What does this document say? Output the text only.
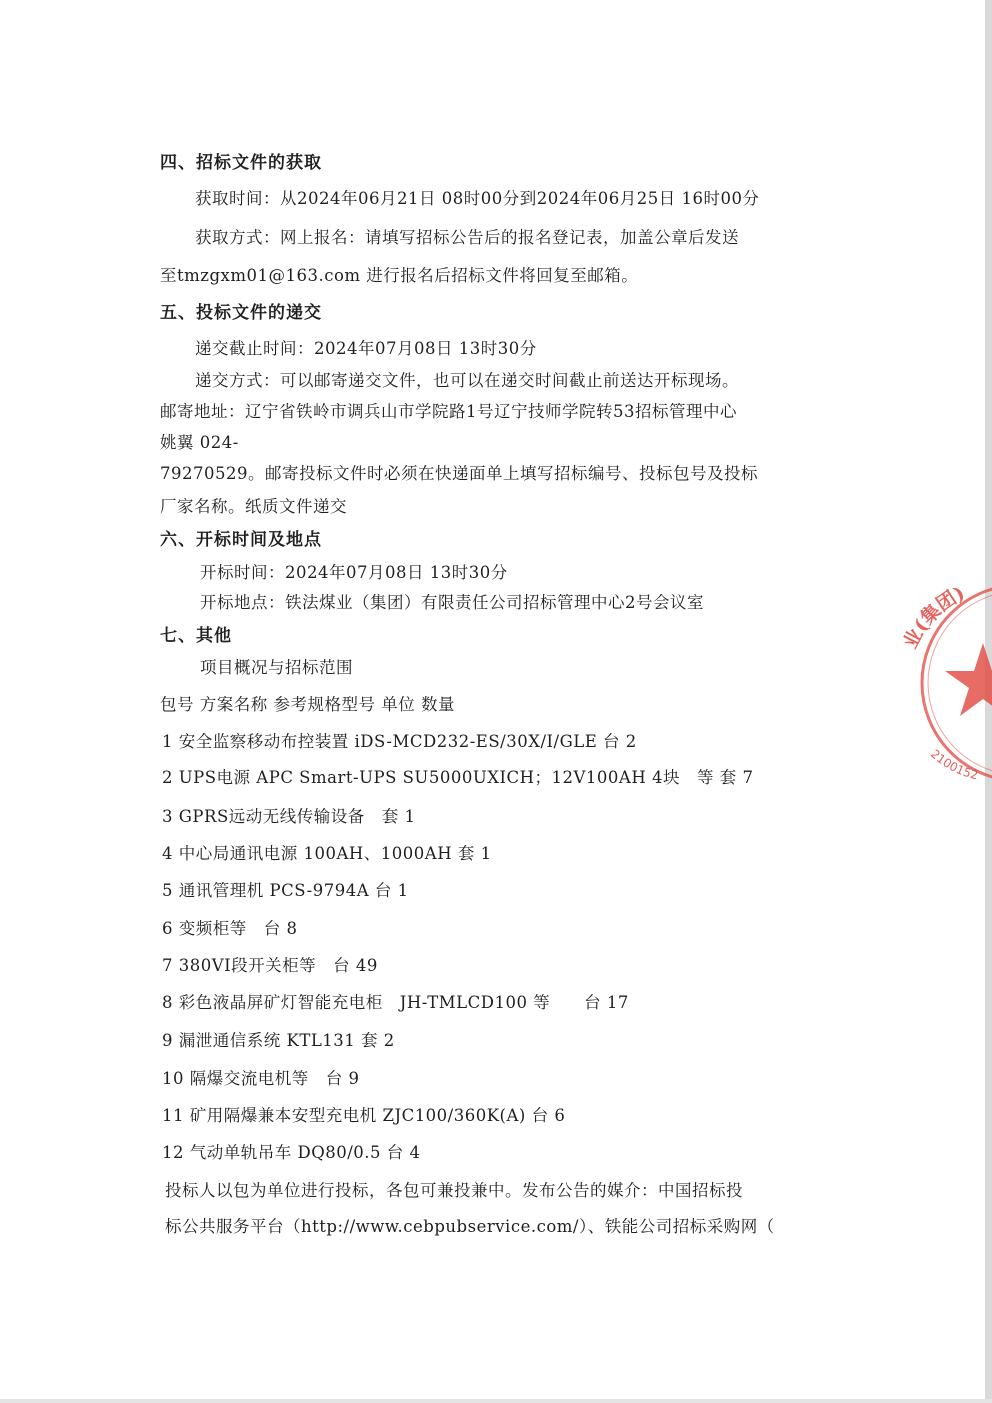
四、招标文件的获取
获取时间：从2024年06月21日 08时00分到2024年06月25日 16时00分
获取方式：网上报名：请填写招标公告后的报名登记表，加盖公章后发送
至tmzgxm01@163.com 进行报名后招标文件将回复至邮箱。
五、投标文件的递交
递交截止时间：2024年07月08日 13时30分
递交方式：可以邮寄递交文件，也可以在递交时间截止前送达开标现场。
邮寄地址：辽宁省铁岭市调兵山市学院路1号辽宁技师学院转53招标管理中心
姚翼 024-
79270529。邮寄投标文件时必须在快递面单上填写招标编号、投标包号及投标
厂家名称。纸质文件递交
六、开标时间及地点
开标时间：2024年07月08日 13时30分
开标地点：铁法煤业（集团）有限责任公司招标管理中心2号会议室
七、其他
项目概况与招标范围
包号 方案名称 参考规格型号 单位 数量
1 安全监察移动布控装置 iDS-MCD232-ES/30X/I/GLE 台 2
2 UPS电源 APC Smart-UPS SU5000UXICH；12V100AH 4块　等 套 7
3 GPRS远动无线传输设备　套 1
4 中心局通讯电源 100AH、1000AH 套 1
5 通讯管理机 PCS-9794A 台 1
6 变频柜等　台 8
7 380VⅠ段开关柜等　台 49
8 彩色液晶屏矿灯智能充电柜　JH-TMLCD100 等　　台 17
9 漏泄通信系统 KTL131 套 2
10 隔爆交流电机等　台 9
11 矿用隔爆兼本安型充电机 ZJC100/360K(A) 台 6
12 气动单轨吊车 DQ80/0.5 台 4
投标人以包为单位进行投标，各包可兼投兼中。发布公告的媒介：中国招标投
标公共服务平台（http://www.cebpubservice.com/）、铁能公司招标采购网（
业(集团)
2100152
